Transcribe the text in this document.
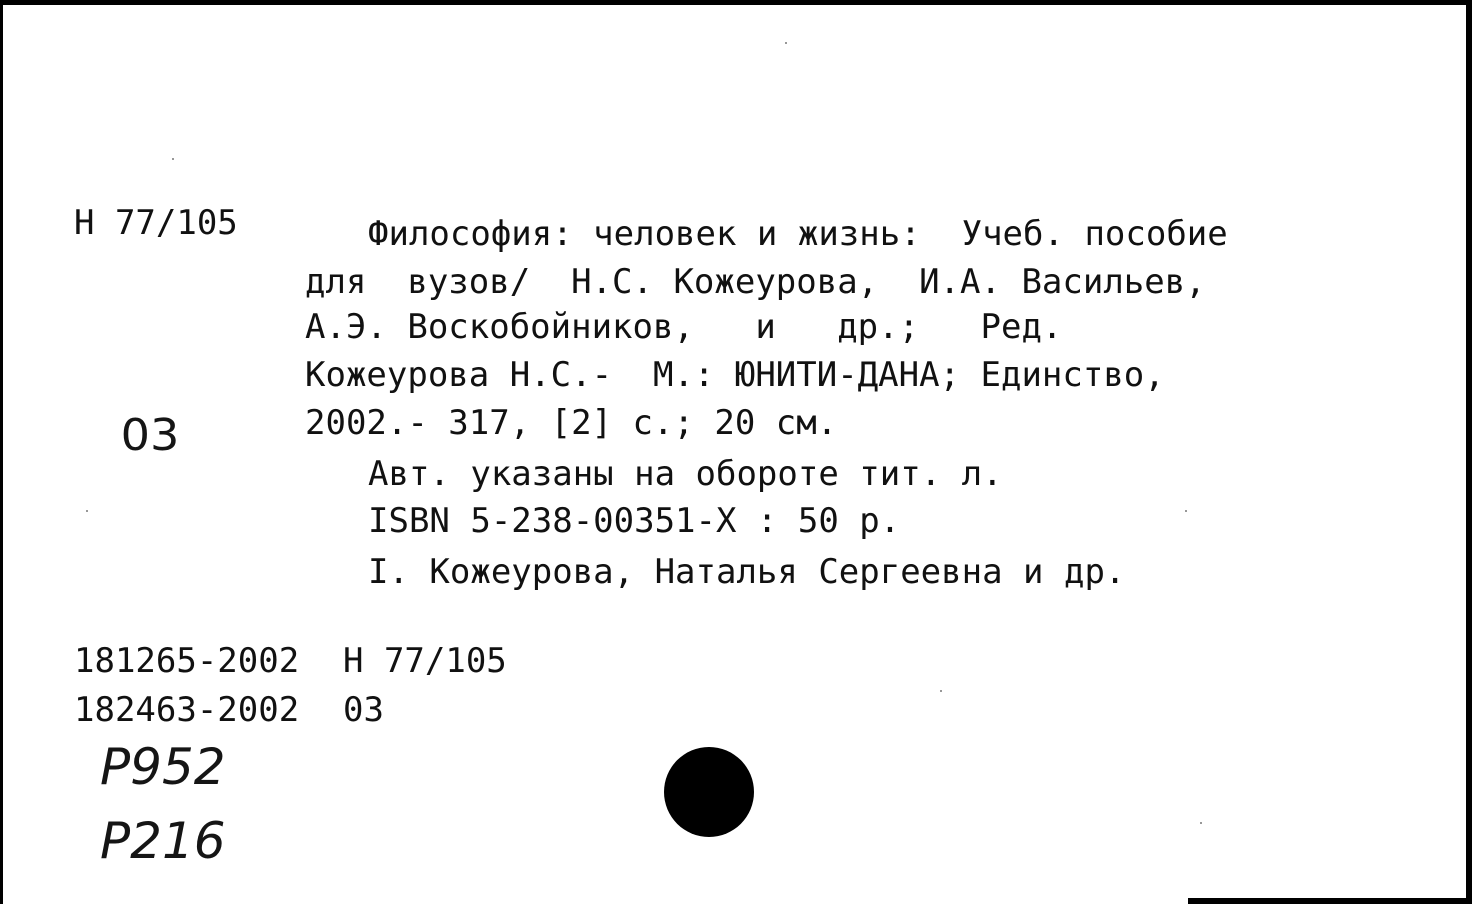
Н 77/105	Философия: человек и жизнь:  Учеб. пособие
для  вузов/  Н.С. Кожеурова,  И.А. Васильев,
А.Э. Воскобойников,   и   др.;   Ред.
Кожеурова Н.С.-  М.: ЮНИТИ-ДАНА; Единство,
2002.- 317, [2] с.; 20 см.
03
Авт. указаны на обороте тит. л.
ISBN 5-238-00351-Х : 50 р.
I. Кожеурова, Наталья Сергеевна и др.
181265-2002 Н 77/105
182463-2002 03
Р952
Р216
